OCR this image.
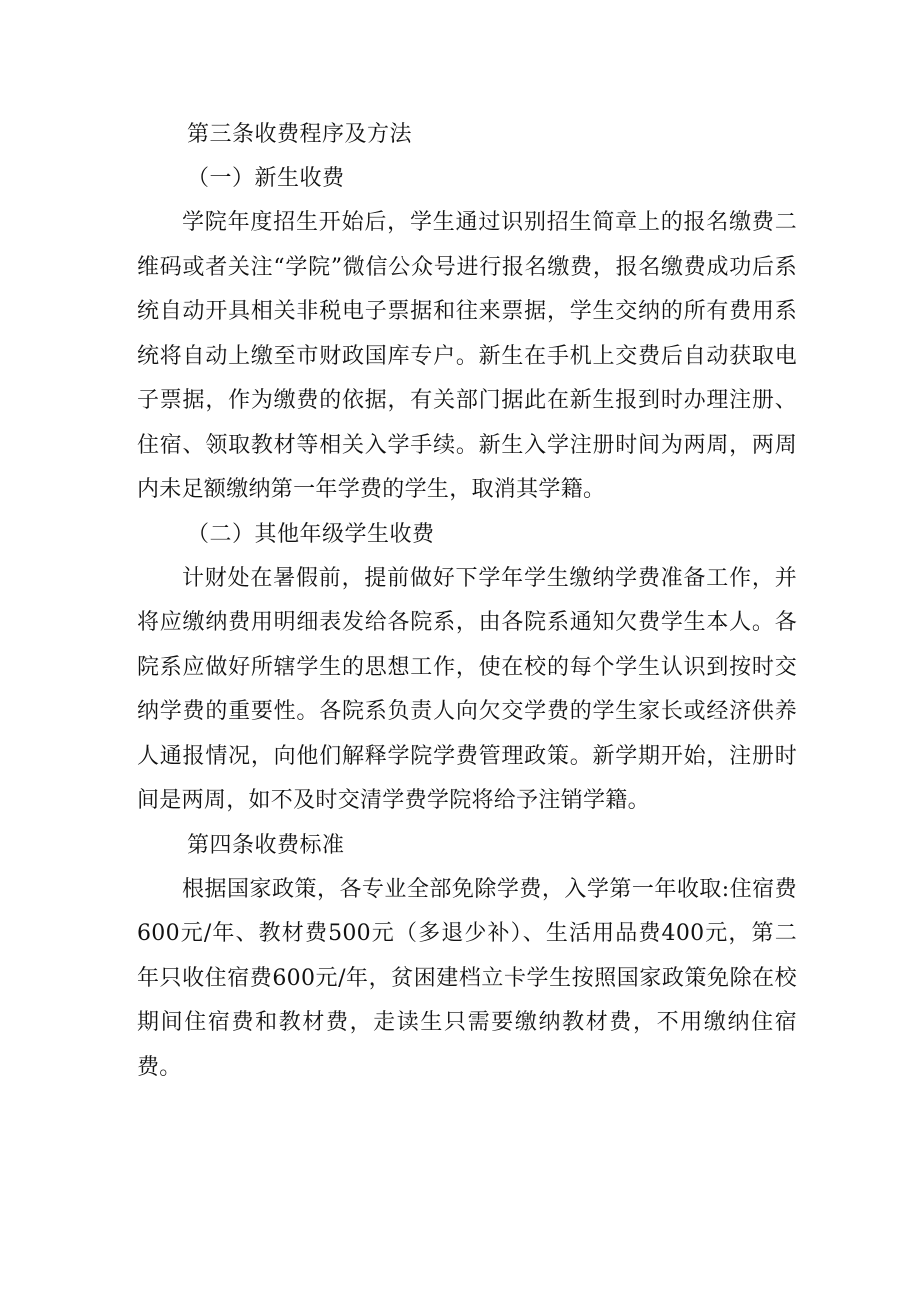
第三条收费程序及方法

（一）新生收费

学院年度招生开始后，学生通过识别招生简章上的报名缴费二维码或者关注“学院”微信公众号进行报名缴费，报名缴费成功后系统自动开具相关非税电子票据和往来票据，学生交纳的所有费用系统将自动上缴至市财政国库专户。新生在手机上交费后自动获取电子票据，作为缴费的依据，有关部门据此在新生报到时办理注册、住宿、领取教材等相关入学手续。新生入学注册时间为两周，两周内未足额缴纳第一年学费的学生，取消其学籍。

（二）其他年级学生收费

计财处在暑假前，提前做好下学年学生缴纳学费准备工作，并将应缴纳费用明细表发给各院系，由各院系通知欠费学生本人。各院系应做好所辖学生的思想工作，使在校的每个学生认识到按时交纳学费的重要性。各院系负责人向欠交学费的学生家长或经济供养人通报情况，向他们解释学院学费管理政策。新学期开始，注册时间是两周，如不及时交清学费学院将给予注销学籍。

第四条收费标准

根据国家政策，各专业全部免除学费，入学第一年收取:住宿费600元/年、教材费500元（多退少补）、生活用品费400元，第二年只收住宿费600元/年，贫困建档立卡学生按照国家政策免除在校期间住宿费和教材费，走读生只需要缴纳教材费，不用缴纳住宿费。
